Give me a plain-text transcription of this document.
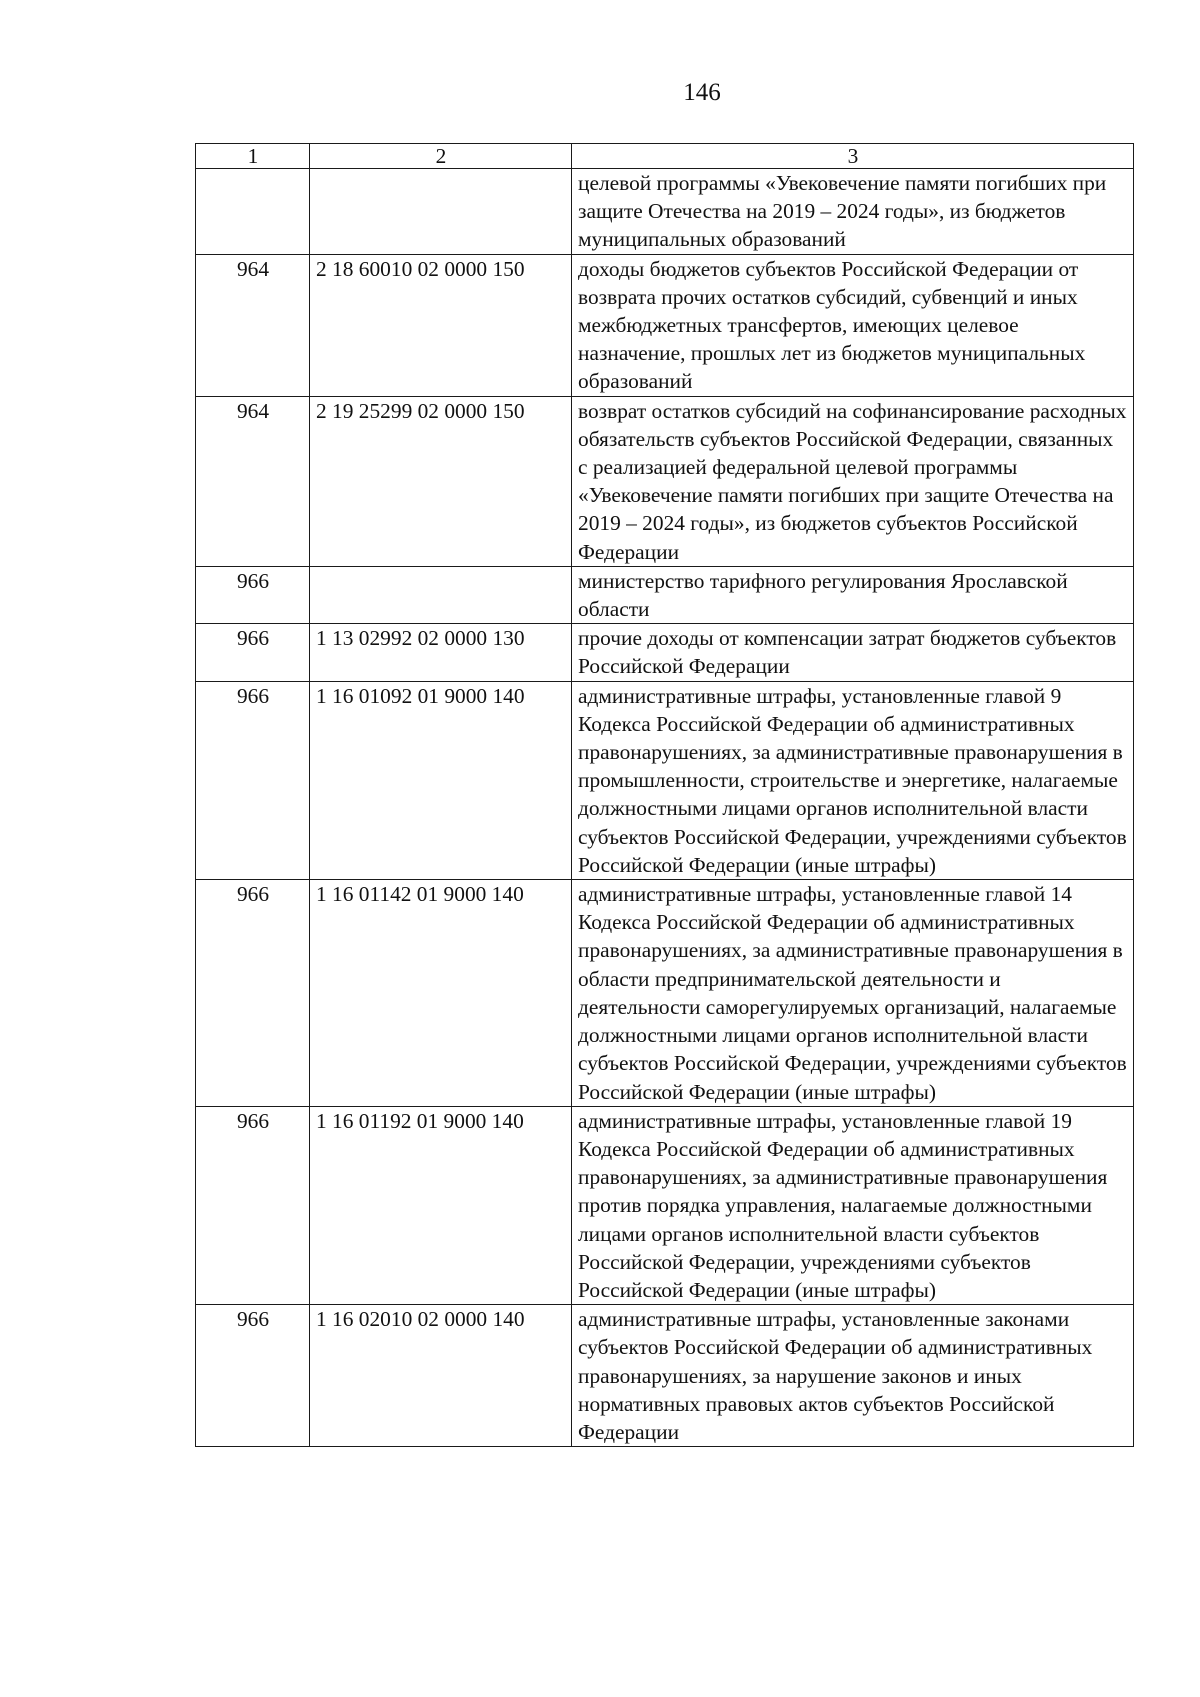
146
1	2	3
		целевой программы «Увековечение памяти погибших при защите Отечества на 2019 – 2024 годы», из бюджетов муниципальных образований
964	2 18 60010 02 0000 150	доходы бюджетов субъектов Российской Федерации от возврата прочих остатков субсидий, субвенций и иных межбюджетных трансфертов, имеющих целевое назначение, прошлых лет из бюджетов муниципальных образований
964	2 19 25299 02 0000 150	возврат остатков субсидий на софинансирование расходных обязательств субъектов Российской Федерации, связанных с реализацией федеральной целевой программы «Увековечение памяти погибших при защите Отечества на 2019 – 2024 годы», из бюджетов субъектов Российской Федерации
966		министерство тарифного регулирования Ярославской области
966	1 13 02992 02 0000 130	прочие доходы от компенсации затрат бюджетов субъектов Российской Федерации
966	1 16 01092 01 9000 140	административные штрафы, установленные главой 9 Кодекса Российской Федерации об административных правонарушениях, за административные правонарушения в промышленности, строительстве и энергетике, налагаемые должностными лицами органов исполнительной власти субъектов Российской Федерации, учреждениями субъектов Российской Федерации (иные штрафы)
966	1 16 01142 01 9000 140	административные штрафы, установленные главой 14 Кодекса Российской Федерации об административных правонарушениях, за административные правонарушения в области предпринимательской деятельности и деятельности саморегулируемых организаций, налагаемые должностными лицами органов исполнительной власти субъектов Российской Федерации, учреждениями субъектов Российской Федерации (иные штрафы)
966	1 16 01192 01 9000 140	административные штрафы, установленные главой 19 Кодекса Российской Федерации об административных правонарушениях, за административные правонарушения против порядка управления, налагаемые должностными лицами органов исполнительной власти субъектов Российской Федерации, учреждениями субъектов Российской Федерации (иные штрафы)
966	1 16 02010 02 0000 140	административные штрафы, установленные законами субъектов Российской Федерации об административных правонарушениях, за нарушение законов и иных нормативных правовых актов субъектов Российской Федерации
